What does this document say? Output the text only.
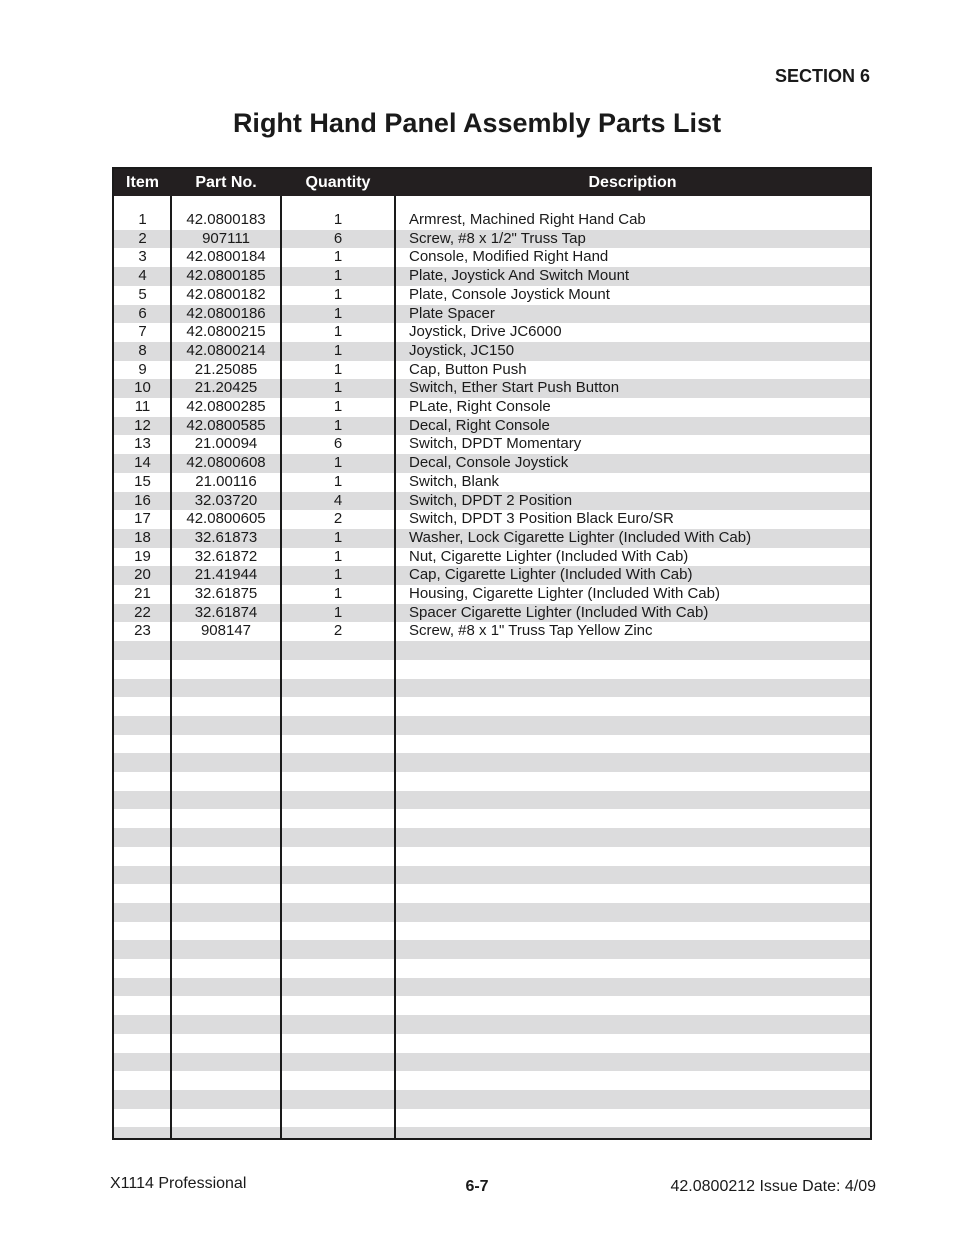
SECTION 6
Right Hand Panel Assembly Parts List
Item	Part No.	Quantity	Description
1	42.0800183	1	Armrest, Machined Right Hand Cab
2	907111	6	Screw, #8 x 1/2" Truss Tap
3	42.0800184	1	Console, Modified Right Hand
4	42.0800185	1	Plate, Joystick And Switch Mount
5	42.0800182	1	Plate, Console Joystick Mount
6	42.0800186	1	Plate Spacer
7	42.0800215	1	Joystick, Drive JC6000
8	42.0800214	1	Joystick, JC150
9	21.25085	1	Cap, Button Push
10	21.20425	1	Switch, Ether Start Push Button
11	42.0800285	1	PLate, Right Console
12	42.0800585	1	Decal, Right Console
13	21.00094	6	Switch, DPDT Momentary
14	42.0800608	1	Decal, Console Joystick
15	21.00116	1	Switch, Blank
16	32.03720	4	Switch, DPDT 2 Position
17	42.0800605	2	Switch, DPDT 3 Position Black Euro/SR
18	32.61873	1	Washer, Lock Cigarette Lighter (Included With Cab)
19	32.61872	1	Nut, Cigarette Lighter (Included With Cab)
20	21.41944	1	Cap, Cigarette Lighter (Included With Cab)
21	32.61875	1	Housing, Cigarette Lighter (Included With Cab)
22	32.61874	1	Spacer Cigarette Lighter (Included With Cab)
23	908147	2	Screw, #8 x 1" Truss Tap Yellow Zinc
X1114 Professional	6-7	42.0800212 Issue Date: 4/09
